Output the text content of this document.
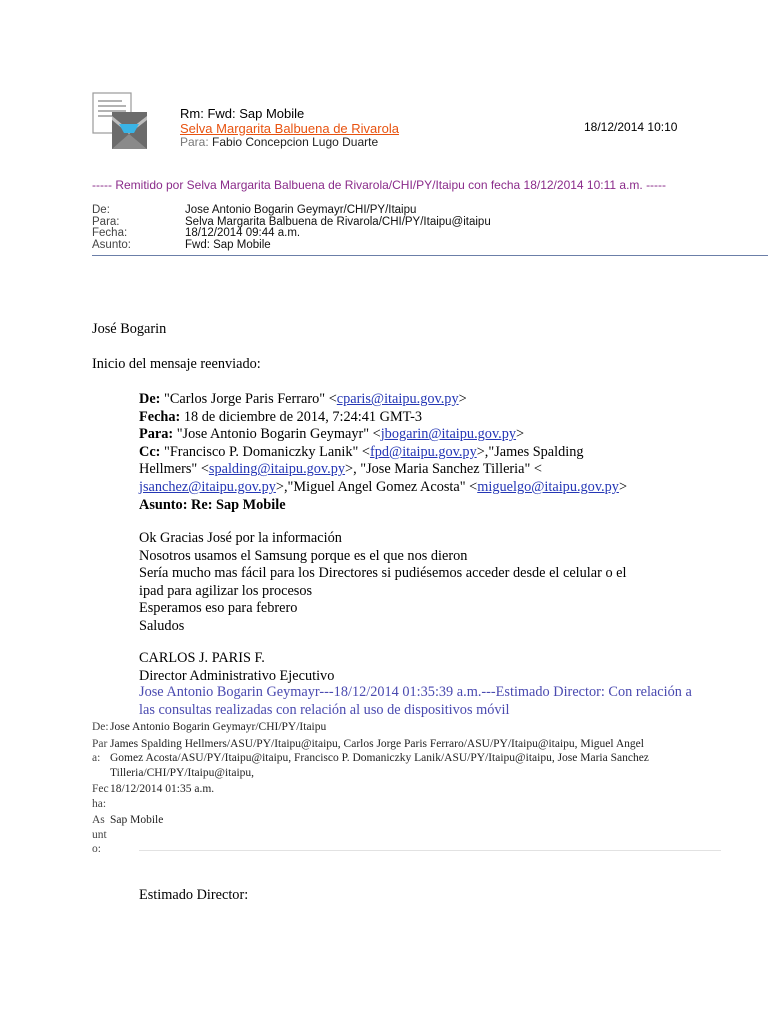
Rm: Fwd: Sap Mobile
Selva Margarita Balbuena de Rivarola	18/12/2014 10:10
Para: Fabio Concepcion Lugo Duarte
----- Remitido por Selva Margarita Balbuena de Rivarola/CHI/PY/Itaipu con fecha 18/12/2014 10:11 a.m. -----
De:	Jose Antonio Bogarin Geymayr/CHI/PY/Itaipu
Para:	Selva Margarita Balbuena de Rivarola/CHI/PY/Itaipu@itaipu
Fecha:	18/12/2014 09:44 a.m.
Asunto:	Fwd: Sap Mobile
José Bogarin
Inicio del mensaje reenviado:
De: "Carlos Jorge Paris Ferraro" <cparis@itaipu.gov.py>
Fecha: 18 de diciembre de 2014, 7:24:41 GMT-3
Para: "Jose Antonio Bogarin Geymayr" <jbogarin@itaipu.gov.py>
Cc: "Francisco P. Domaniczky Lanik" <fpd@itaipu.gov.py>,"James Spalding
Hellmers" <spalding@itaipu.gov.py>, "Jose Maria Sanchez Tilleria" <
jsanchez@itaipu.gov.py>,"Miguel Angel Gomez Acosta" <miguelgo@itaipu.gov.py>
Asunto: Re: Sap Mobile
Ok Gracias José por la información
Nosotros usamos el Samsung porque es el que nos dieron
Sería mucho mas fácil para los Directores si pudiésemos acceder desde el celular o el
ipad para agilizar los procesos
Esperamos eso para febrero
Saludos
CARLOS J. PARIS F.
Director Administrativo Ejecutivo
Jose Antonio Bogarin Geymayr---18/12/2014 01:35:39 a.m.---Estimado Director: Con relación a las consultas realizadas con relación al uso de dispositivos móvil
De: Jose Antonio Bogarin Geymayr/CHI/PY/Itaipu
Para:
James Spalding Hellmers/ASU/PY/Itaipu@itaipu, Carlos Jorge Paris Ferraro/ASU/PY/Itaipu@itaipu, Miguel Angel Gomez Acosta/ASU/PY/Itaipu@itaipu, Francisco P. Domaniczky Lanik/ASU/PY/Itaipu@itaipu, Jose Maria Sanchez Tilleria/CHI/PY/Itaipu@itaipu,
Fecha:
18/12/2014 01:35 a.m.
Asunto:
Sap Mobile
Estimado Director:
